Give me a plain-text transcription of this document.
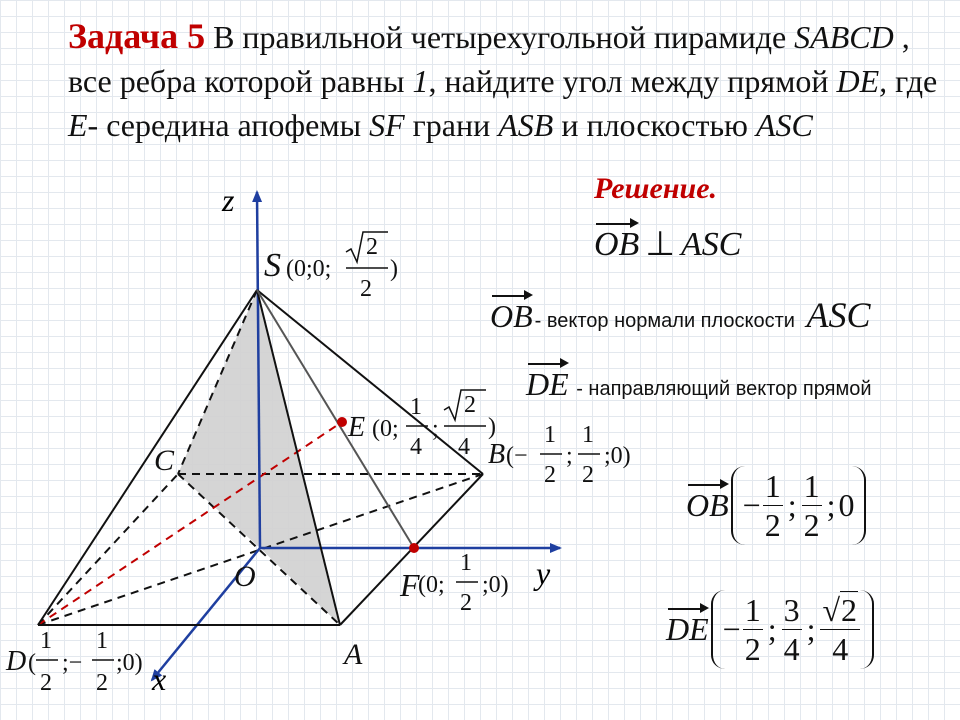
Задача 5 В правильной четырехугольной пирамиде SABCD , все ребра которой равны 1, найдите угол между прямой DE, где E- середина апофемы SF грани ASB и плоскостью ASC
z
y
x
S
C
O
A
D
E
B
F
(0;0;
2
2
)
(0;
1
4
;
2
4
)
(−
1
2
;
1
2
;0)
(0;
1
2
;0)
(
1
2
;−
1
2
;0)
Решение.
OB ⊥ ASC
OB - вектор нормали плоскости ASC
DE - направляющий вектор прямой
OB − $\frac{1}{2}$ ; $\frac{1}{2}$ ; 0
DE − $\frac{1}{2}$ ; $\frac{3}{4}$ ; $\frac{√2}{4}$
